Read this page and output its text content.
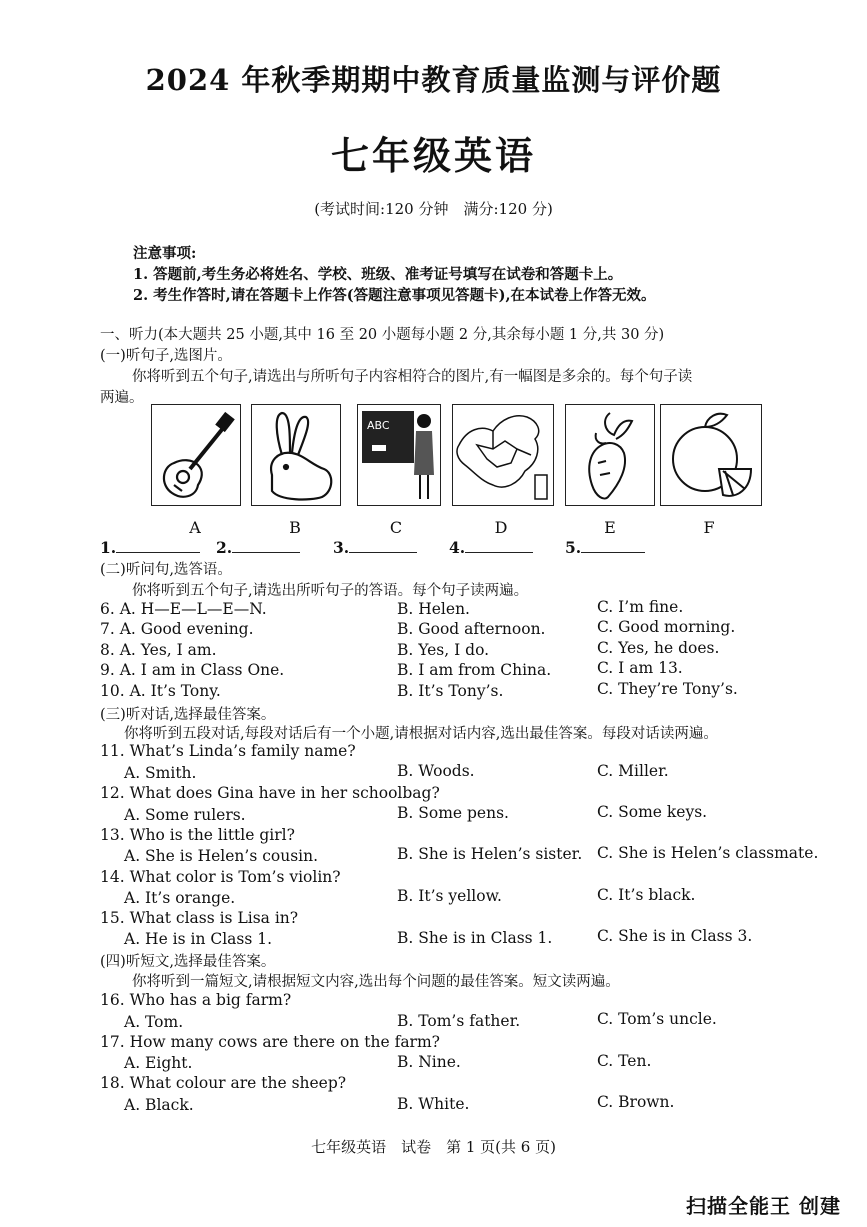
2024 年秋季期期中教育质量监测与评价题
七年级英语
(考试时间:120 分钟　满分:120 分)
注意事项:
1. 答题前,考生务必将姓名、学校、班级、准考证号填写在试卷和答题卡上。
2. 考生作答时,请在答题卡上作答(答题注意事项见答题卡),在本试卷上作答无效。
一、听力(本大题共 25 小题,其中 16 至 20 小题每小题 2 分,其余每小题 1 分,共 30 分)
(一)听句子,选图片。
你将听到五个句子,请选出与所听句子内容相符合的图片,有一幅图是多余的。每个句子读
两遍。
ABC
A	B	C	D	E	F
1.	2.	3.	4.	5.
(二)听问句,选答语。
你将听到五个句子,请选出所听句子的答语。每个句子读两遍。
6. A. H—E—L—E—N.	B. Helen.	C. I’m fine.
7. A. Good evening.	B. Good afternoon.	C. Good morning.
8. A. Yes, I am.	B. Yes, I do.	C. Yes, he does.
9. A. I am in Class One.	B. I am from China.	C. I am 13.
10. A. It’s Tony.	B. It’s Tony’s.	C. They’re Tony’s.
(三)听对话,选择最佳答案。
你将听到五段对话,每段对话后有一个小题,请根据对话内容,选出最佳答案。每段对话读两遍。
11. What’s Linda’s family name?
A. Smith.	B. Woods.	C. Miller.
12. What does Gina have in her schoolbag?
A. Some rulers.	B. Some pens.	C. Some keys.
13. Who is the little girl?
A. She is Helen’s cousin.	B. She is Helen’s sister. C. She is Helen’s classmate.
14. What color is Tom’s violin?
A. It’s orange.	B. It’s yellow.	C. It’s black.
15. What class is Lisa in?
A. He is in Class 1.	B. She is in Class 1.	C. She is in Class 3.
(四)听短文,选择最佳答案。
你将听到一篇短文,请根据短文内容,选出每个问题的最佳答案。短文读两遍。
16. Who has a big farm?
A. Tom.	B. Tom’s father.	C. Tom’s uncle.
17. How many cows are there on the farm?
A. Eight.	B. Nine.	C. Ten.
18. What colour are the sheep?
A. Black.	B. White.	C. Brown.
七年级英语　试卷　第 1 页(共 6 页)
扫描全能王 创建
